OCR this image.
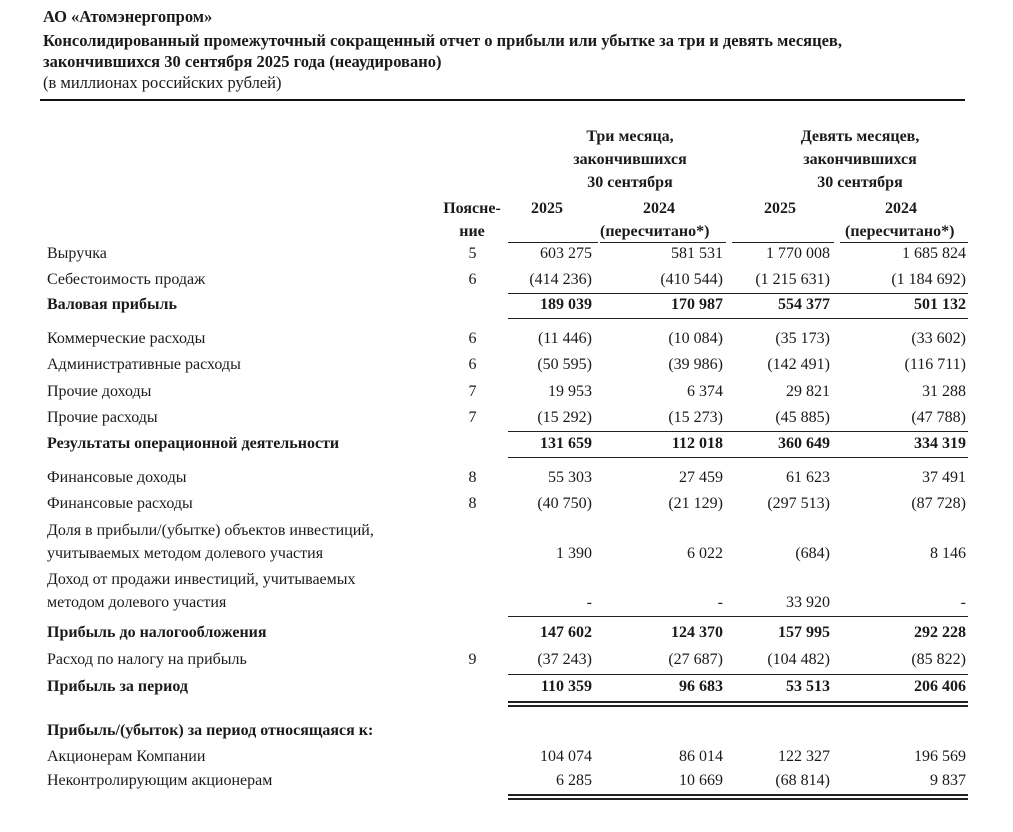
АО «Атомэнергопром»
Консолидированный промежуточный сокращенный отчет о прибыли или убытке за три и девять месяцев,
закончившихся 30 сентября 2025 года (неаудировано)
(в миллионах российских рублей)
Три месяца,
закончившихся
30 сентября
Девять месяцев,
закончившихся
30 сентября
Поясне-
ние
2025	2024
(пересчитано*)
2025	2024
(пересчитано*)
Выручка	5	603 275	581 531	1 770 008	1 685 824
Себестоимость продаж	6	(414 236)	(410 544) (1 215 631)	(1 184 692)
Валовая прибыль	189 039	170 987	554 377	501 132
Коммерческие расходы	6	(11 446)	(10 084)	(35 173)	(33 602)
Административные расходы	6	(50 595)	(39 986)	(142 491)	(116 711)
Прочие доходы	7	19 953	6 374	29 821	31 288
Прочие расходы	7	(15 292)	(15 273)	(45 885)	(47 788)
Результаты операционной деятельности	131 659	112 018	360 649	334 319
Финансовые доходы	8	55 303	27 459	61 623	37 491
Финансовые расходы	8	(40 750)	(21 129)	(297 513)	(87 728)
Доля в прибыли/(убытке) объектов инвестиций,
учитываемых методом долевого участия	1 390	6 022	(684)	8 146
Доход от продажи инвестиций, учитываемых
методом долевого участия	-	-	33 920	-
Прибыль до налогообложения	147 602	124 370	157 995	292 228
Расход по налогу на прибыль	9	(37 243)	(27 687)	(104 482)	(85 822)
Прибыль за период	110 359	96 683	53 513	206 406
Прибыль/(убыток) за период относящаяся к:
Акционерам Компании	104 074	86 014	122 327	196 569
Неконтролирующим акционерам	6 285	10 669	(68 814)	9 837
